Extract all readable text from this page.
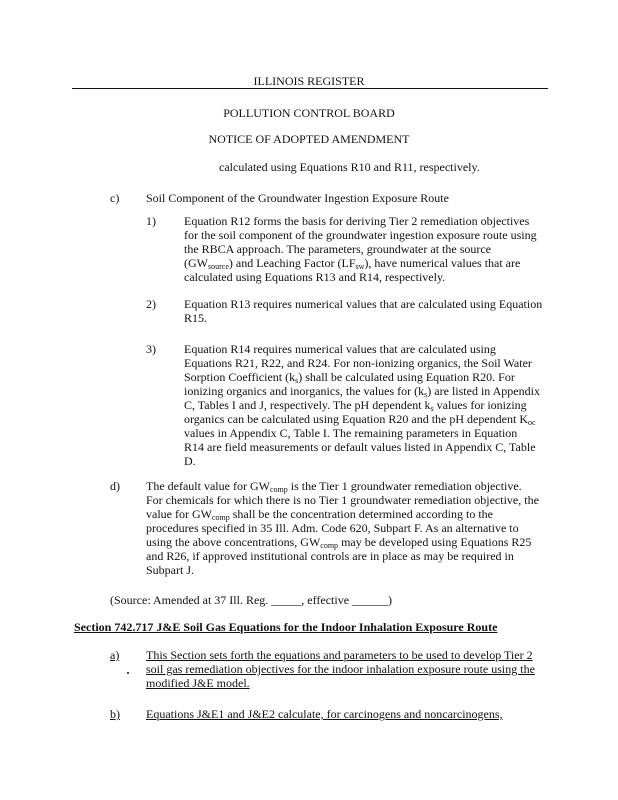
ILLINOIS REGISTER
POLLUTION CONTROL BOARD
NOTICE OF ADOPTED AMENDMENT
calculated using Equations R10 and R11, respectively.
c) Soil Component of the Groundwater Ingestion Exposure Route
1) Equation R12 forms the basis for deriving Tier 2 remediation objectives
for the soil component of the groundwater ingestion exposure route using
the RBCA approach. The parameters, groundwater at the source
$(GW_{source})$ and Leaching Factor $(LF_{sw})$, have numerical values that are
calculated using Equations R13 and R14, respectively.
2) Equation R13 requires numerical values that are calculated using Equation
R15.
3) Equation R14 requires numerical values that are calculated using
Equations R21, R22, and R24. For non-ionizing organics, the Soil Water
Sorption Coefficient $(k_s)$ shall be calculated using Equation R20. For
ionizing organics and inorganics, the values for $(k_s)$ are listed in Appendix
C, Tables I and J, respectively. The pH dependent $k_s$ values for ionizing
organics can be calculated using Equation R20 and the pH dependent $K_{oc}$
values in Appendix C, Table I. The remaining parameters in Equation
R14 are field measurements or default values listed in Appendix C, Table
D.
d) The default value for $GW_{comp}$ is the Tier 1 groundwater remediation objective.
For chemicals for which there is no Tier 1 groundwater remediation objective, the
value for $GW_{comp}$ shall be the concentration determined according to the
procedures specified in 35 Ill. Adm. Code 620, Subpart F. As an alternative to
using the above concentrations, $GW_{comp}$ may be developed using Equations R25
and R26, if approved institutional controls are in place as may be required in
Subpart J.
(Source: Amended at 37 Ill. Reg. _____, effective ______)
Section 742.717 J&E Soil Gas Equations for the Indoor Inhalation Exposure Route
a) This Section sets forth the equations and parameters to be used to develop Tier 2
soil gas remediation objectives for the indoor inhalation exposure route using the
modified J&E model.
b) Equations J&E1 and J&E2 calculate, for carcinogens and noncarcinogens,
